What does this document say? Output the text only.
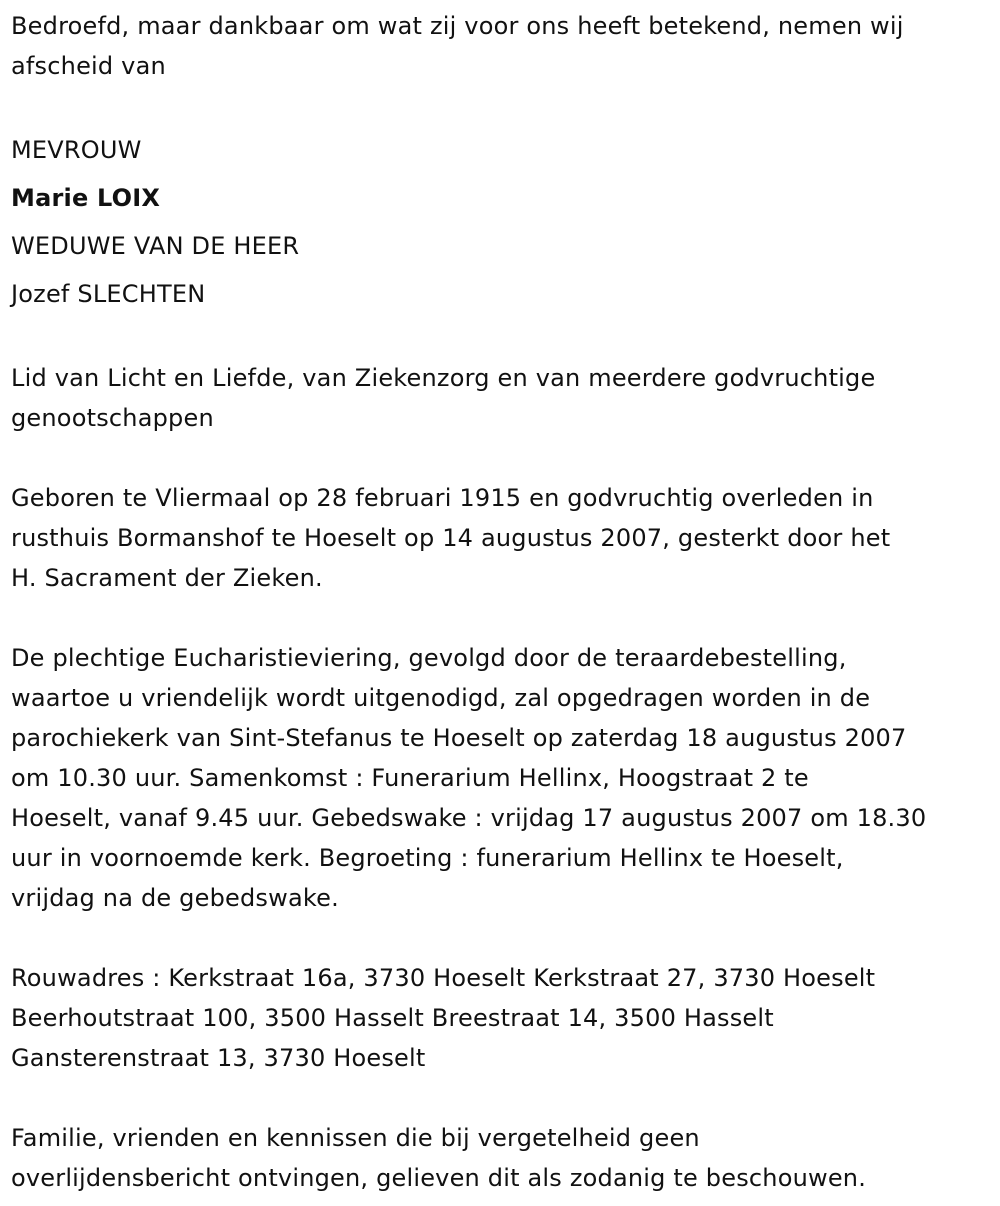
Bedroefd, maar dankbaar om wat zij voor ons heeft betekend, nemen wij
afscheid van

MEVROUW
Marie LOIX
WEDUWE VAN DE HEER
Jozef SLECHTEN

Lid van Licht en Liefde, van Ziekenzorg en van meerdere godvruchtige
genootschappen

Geboren te Vliermaal op 28 februari 1915 en godvruchtig overleden in
rusthuis Bormanshof te Hoeselt op 14 augustus 2007, gesterkt door het
H. Sacrament der Zieken.

De plechtige Eucharistieviering, gevolgd door de teraardebestelling,
waartoe u vriendelijk wordt uitgenodigd, zal opgedragen worden in de
parochiekerk van Sint-Stefanus te Hoeselt op zaterdag 18 augustus 2007
om 10.30 uur. Samenkomst : Funerarium Hellinx, Hoogstraat 2 te
Hoeselt, vanaf 9.45 uur. Gebedswake : vrijdag 17 augustus 2007 om 18.30
uur in voornoemde kerk. Begroeting : funerarium Hellinx te Hoeselt,
vrijdag na de gebedswake.

Rouwadres : Kerkstraat 16a, 3730 Hoeselt Kerkstraat 27, 3730 Hoeselt
Beerhoutstraat 100, 3500 Hasselt Breestraat 14, 3500 Hasselt
Gansterenstraat 13, 3730 Hoeselt

Familie, vrienden en kennissen die bij vergetelheid geen
overlijdensbericht ontvingen, gelieven dit als zodanig te beschouwen.
